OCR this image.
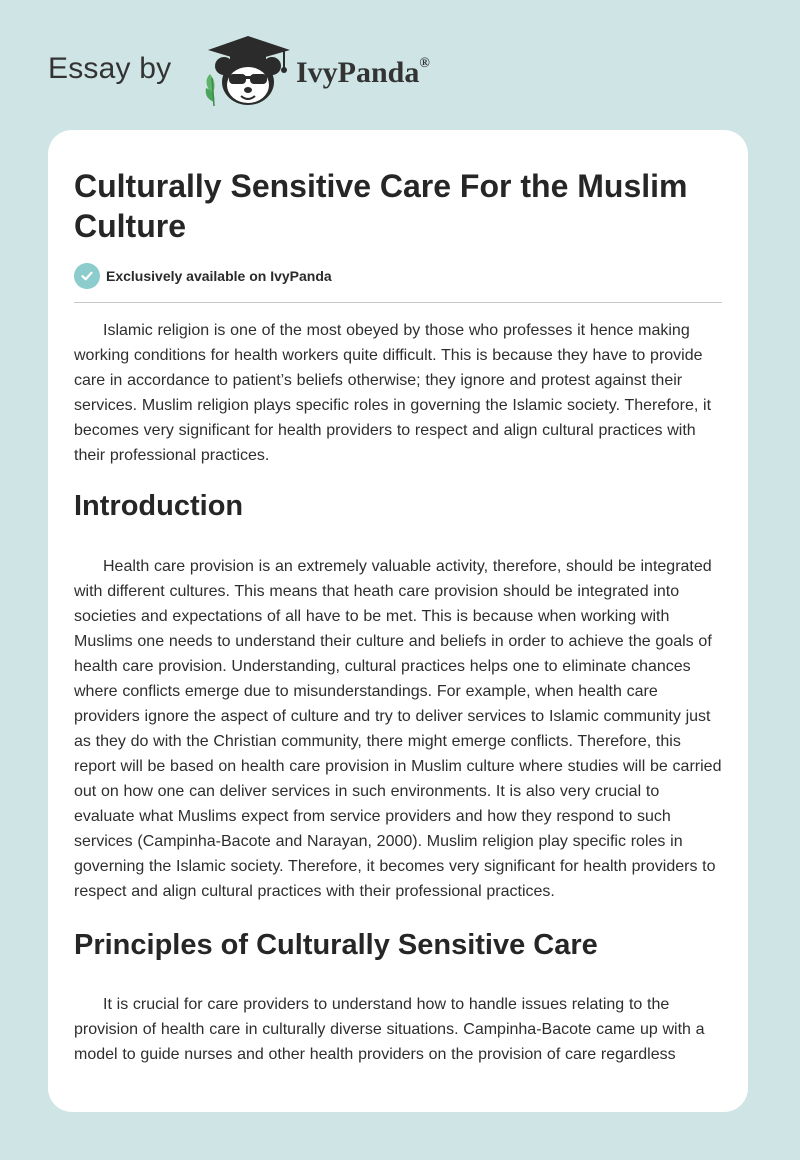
Essay by	IvyPanda®
Culturally Sensitive Care For the Muslim Culture
Exclusively available on IvyPanda

Islamic religion is one of the most obeyed by those who professes it hence making working conditions for health workers quite difficult. This is because they have to provide care in accordance to patient’s beliefs otherwise; they ignore and protest against their services. Muslim religion plays specific roles in governing the Islamic society. Therefore, it becomes very significant for health providers to respect and align cultural practices with their professional practices.

Introduction

Health care provision is an extremely valuable activity, therefore, should be integrated with different cultures. This means that heath care provision should be integrated into societies and expectations of all have to be met. This is because when working with Muslims one needs to understand their culture and beliefs in order to achieve the goals of health care provision. Understanding, cultural practices helps one to eliminate chances where conflicts emerge due to misunderstandings. For example, when health care providers ignore the aspect of culture and try to deliver services to Islamic community just as they do with the Christian community, there might emerge conflicts. Therefore, this report will be based on health care provision in Muslim culture where studies will be carried out on how one can deliver services in such environments. It is also very crucial to evaluate what Muslims expect from service providers and how they respond to such services (Campinha-Bacote and Narayan, 2000). Muslim religion play specific roles in governing the Islamic society. Therefore, it becomes very significant for health providers to respect and align cultural practices with their professional practices.

Principles of Culturally Sensitive Care

It is crucial for care providers to understand how to handle issues relating to the provision of health care in culturally diverse situations. Campinha-Bacote came up with a model to guide nurses and other health providers on the provision of care regardless
